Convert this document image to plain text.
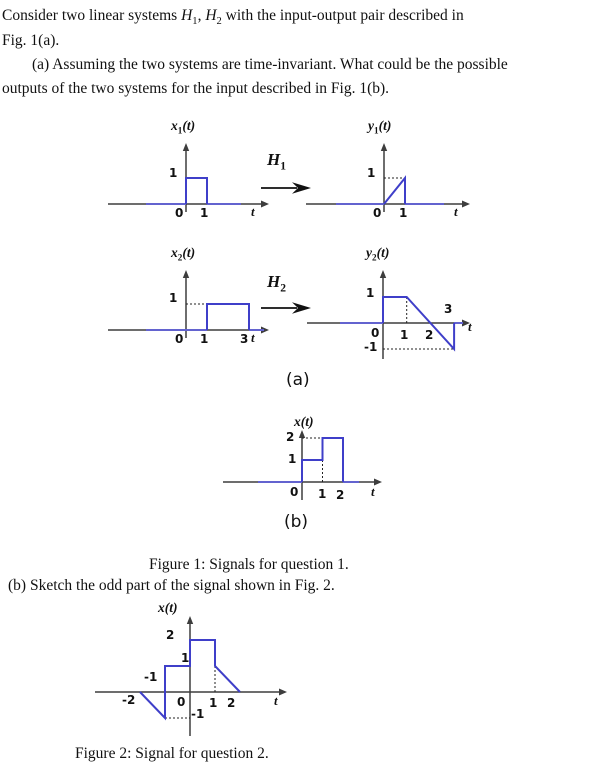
Consider two linear systems $H_1$, $H_2$ with the input-output pair described in
Fig. 1(a).
(a) Assuming the two systems are time-invariant. What could be the possible
outputs of the two systems for the input described in Fig. 1(b).
$x_1(t)$
1
0 1	t
$H_1$
$y_1(t)$
1
0 1	t
$x_2(t)$
1
0 1	3 t
$H_2$
$y_2(t)$
1
0 1 2
3
-1
t
(a)
x(t)
2
1
0 1 2 t
(b)
Figure 1: Signals for question 1.
(b) Sketch the odd part of the signal shown in Fig. 2.
x(t)
2
1
-1
-2	0 1 2	t
-1
Figure 2: Signal for question 2.
